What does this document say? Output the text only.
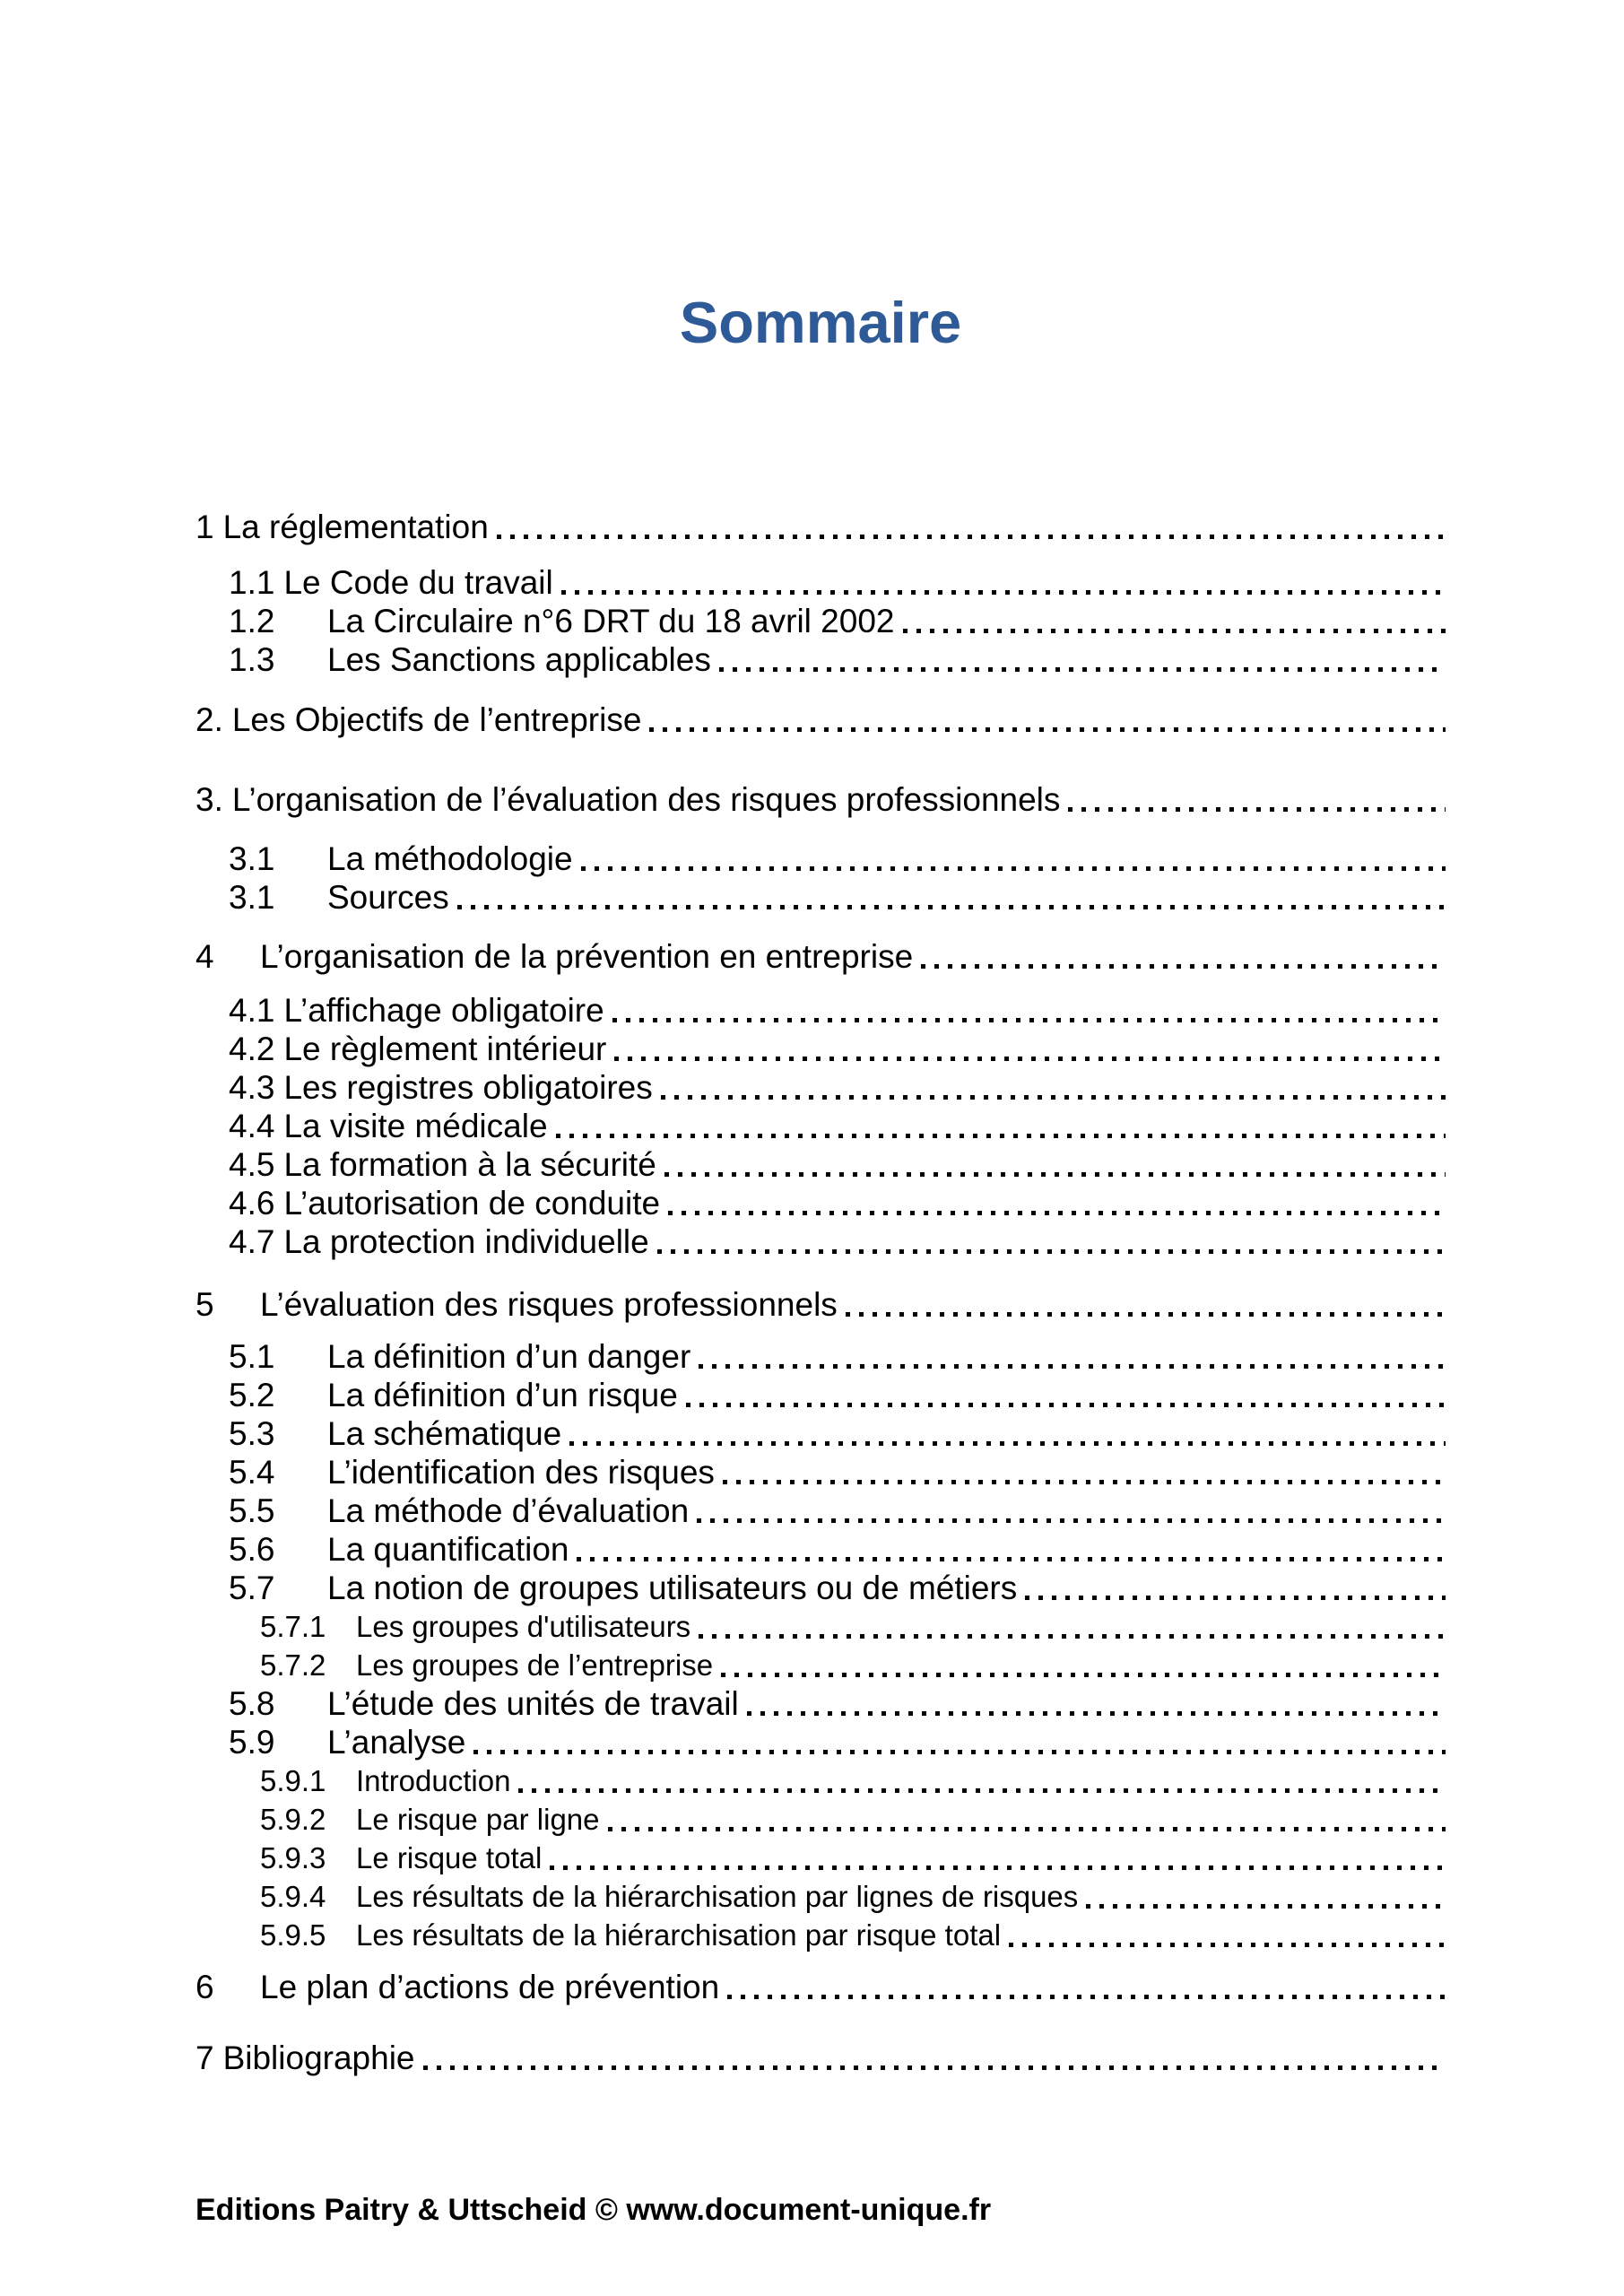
Sommaire
1 La réglementation
1.1 Le Code du travail
1.2	La Circulaire n°6 DRT du 18 avril 2002
1.3	Les Sanctions applicables
2. Les Objectifs de l’entreprise
3. L’organisation de l’évaluation des risques professionnels
3.1	La méthodologie
3.1	Sources
4	L’organisation de la prévention en entreprise
4.1 L’affichage obligatoire
4.2 Le règlement intérieur
4.3 Les registres obligatoires
4.4 La visite médicale
4.5 La formation à la sécurité
4.6 L’autorisation de conduite
4.7 La protection individuelle
5	L’évaluation des risques professionnels
5.1	La définition d’un danger
5.2	La définition d’un risque
5.3	La schématique
5.4	L’identification des risques
5.5	La méthode d’évaluation
5.6	La quantification
5.7	La notion de groupes utilisateurs ou de métiers
5.7.1	Les groupes d'utilisateurs
5.7.2	Les groupes de l’entreprise
5.8	L’étude des unités de travail
5.9	L’analyse
5.9.1	Introduction
5.9.2	Le risque par ligne
5.9.3	Le risque total
5.9.4	Les résultats de la hiérarchisation par lignes de risques
5.9.5	Les résultats de la hiérarchisation par risque total
6	Le plan d’actions de prévention
7 Bibliographie
Editions Paitry & Uttscheid © www.document-unique.fr
